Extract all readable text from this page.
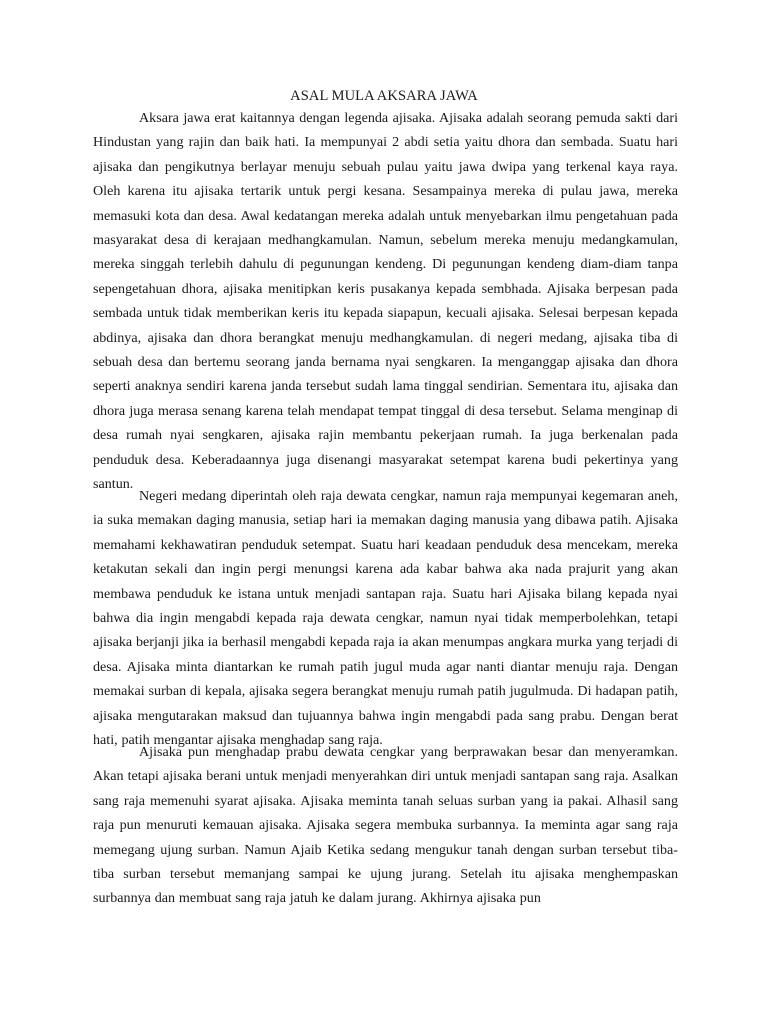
ASAL MULA AKSARA JAWA

Aksara jawa erat kaitannya dengan legenda ajisaka. Ajisaka adalah seorang pemuda sakti dari Hindustan yang rajin dan baik hati. Ia mempunyai 2 abdi setia yaitu dhora dan sembada. Suatu hari ajisaka dan pengikutnya berlayar menuju sebuah pulau yaitu jawa dwipa yang terkenal kaya raya. Oleh karena itu ajisaka tertarik untuk pergi kesana. Sesampainya mereka di pulau jawa, mereka memasuki kota dan desa. Awal kedatangan mereka adalah untuk menyebarkan ilmu pengetahuan pada masyarakat desa di kerajaan medhangkamulan. Namun, sebelum mereka menuju medangkamulan, mereka singgah terlebih dahulu di pegunungan kendeng. Di pegunungan kendeng diam-diam tanpa sepengetahuan dhora, ajisaka menitipkan keris pusakanya kepada sembhada. Ajisaka berpesan pada sembada untuk tidak memberikan keris itu kepada siapapun, kecuali ajisaka. Selesai berpesan kepada abdinya, ajisaka dan dhora berangkat menuju medhangkamulan. di negeri medang, ajisaka tiba di sebuah desa dan bertemu seorang janda bernama nyai sengkaren. Ia menganggap ajisaka dan dhora seperti anaknya sendiri karena janda tersebut sudah lama tinggal sendirian. Sementara itu, ajisaka dan dhora juga merasa senang karena telah mendapat tempat tinggal di desa tersebut. Selama menginap di desa rumah nyai sengkaren, ajisaka rajin membantu pekerjaan rumah. Ia juga berkenalan pada penduduk desa. Keberadaannya juga disenangi masyarakat setempat karena budi pekertinya yang santun.

Negeri medang diperintah oleh raja dewata cengkar, namun raja mempunyai kegemaran aneh, ia suka memakan daging manusia, setiap hari ia memakan daging manusia yang dibawa patih. Ajisaka memahami kekhawatiran penduduk setempat. Suatu hari keadaan penduduk desa mencekam, mereka ketakutan sekali dan ingin pergi menungsi karena ada kabar bahwa aka nada prajurit yang akan membawa penduduk ke istana untuk menjadi santapan raja. Suatu hari Ajisaka bilang kepada nyai bahwa dia ingin mengabdi kepada raja dewata cengkar, namun nyai tidak memperbolehkan, tetapi ajisaka berjanji jika ia berhasil mengabdi kepada raja ia akan menumpas angkara murka yang terjadi di desa. Ajisaka minta diantarkan ke rumah patih jugul muda agar nanti diantar menuju raja. Dengan memakai surban di kepala, ajisaka segera berangkat menuju rumah patih jugulmuda. Di hadapan patih, ajisaka mengutarakan maksud dan tujuannya bahwa ingin mengabdi pada sang prabu. Dengan berat hati, patih mengantar ajisaka menghadap sang raja.

Ajisaka pun menghadap prabu dewata cengkar yang berprawakan besar dan menyeramkan. Akan tetapi ajisaka berani untuk menjadi menyerahkan diri untuk menjadi santapan sang raja. Asalkan sang raja memenuhi syarat ajisaka. Ajisaka meminta tanah seluas surban yang ia pakai. Alhasil sang raja pun menuruti kemauan ajisaka. Ajisaka segera membuka surbannya. Ia meminta agar sang raja memegang ujung surban. Namun Ajaib Ketika sedang mengukur tanah dengan surban tersebut tiba-tiba surban tersebut memanjang sampai ke ujung jurang. Setelah itu ajisaka menghempaskan surbannya dan membuat sang raja jatuh ke dalam jurang. Akhirnya ajisaka pun
